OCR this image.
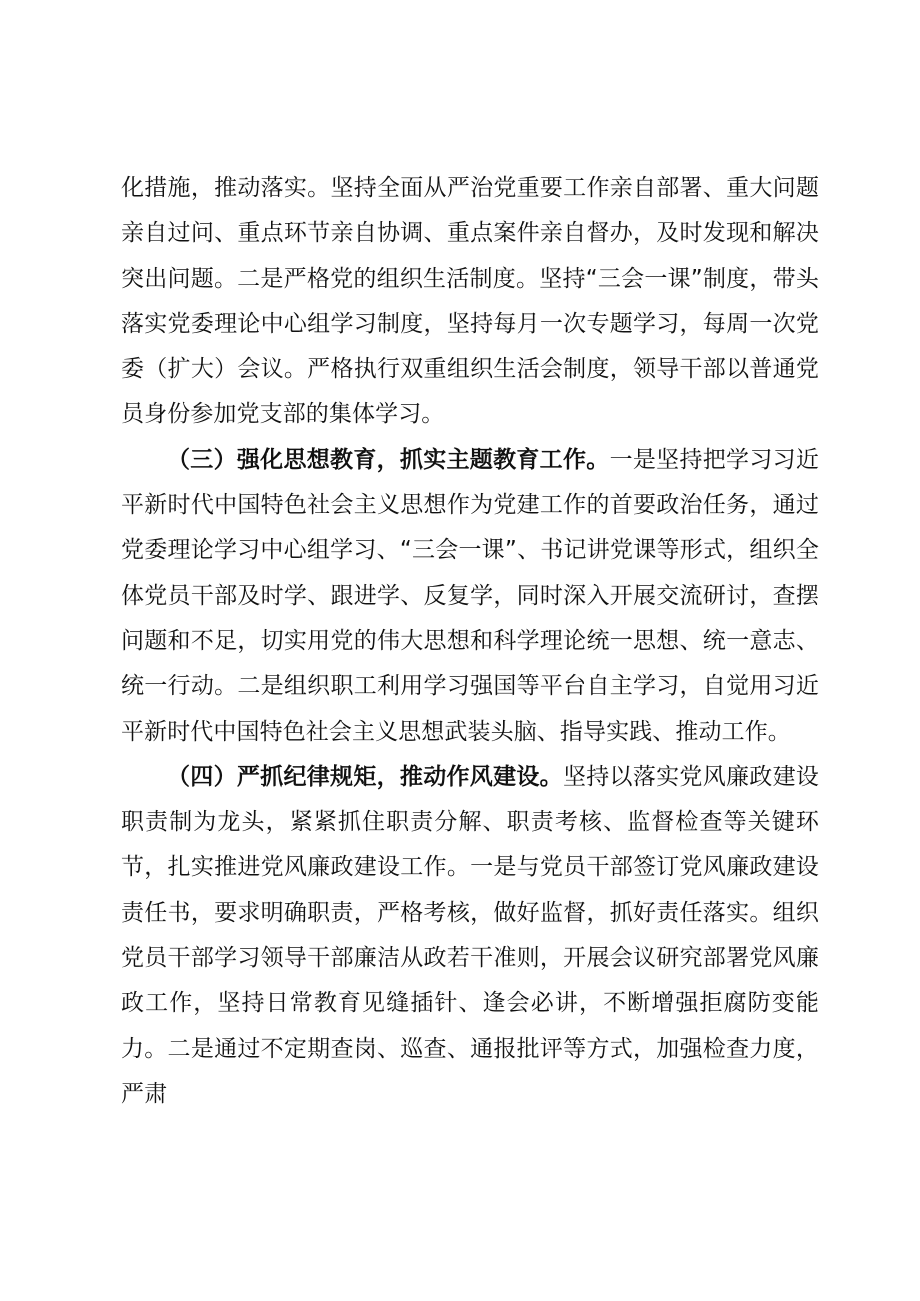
化措施，推动落实。坚持全面从严治党重要工作亲自部署、重大问题亲自过问、重点环节亲自协调、重点案件亲自督办，及时发现和解决突出问题。二是严格党的组织生活制度。坚持“三会一课”制度，带头落实党委理论中心组学习制度，坚持每月一次专题学习，每周一次党委（扩大）会议。严格执行双重组织生活会制度，领导干部以普通党员身份参加党支部的集体学习。

（三）强化思想教育，抓实主题教育工作。一是坚持把学习习近平新时代中国特色社会主义思想作为党建工作的首要政治任务，通过党委理论学习中心组学习、“三会一课”、书记讲党课等形式，组织全体党员干部及时学、跟进学、反复学，同时深入开展交流研讨，查摆问题和不足，切实用党的伟大思想和科学理论统一思想、统一意志、统一行动。二是组织职工利用学习强国等平台自主学习，自觉用习近平新时代中国特色社会主义思想武装头脑、指导实践、推动工作。

（四）严抓纪律规矩，推动作风建设。坚持以落实党风廉政建设职责制为龙头，紧紧抓住职责分解、职责考核、监督检查等关键环节，扎实推进党风廉政建设工作。一是与党员干部签订党风廉政建设责任书，要求明确职责，严格考核，做好监督，抓好责任落实。组织党员干部学习领导干部廉洁从政若干准则，开展会议研究部署党风廉政工作，坚持日常教育见缝插针、逢会必讲，不断增强拒腐防变能力。二是通过不定期查岗、巡查、通报批评等方式，加强检查力度，严肃
